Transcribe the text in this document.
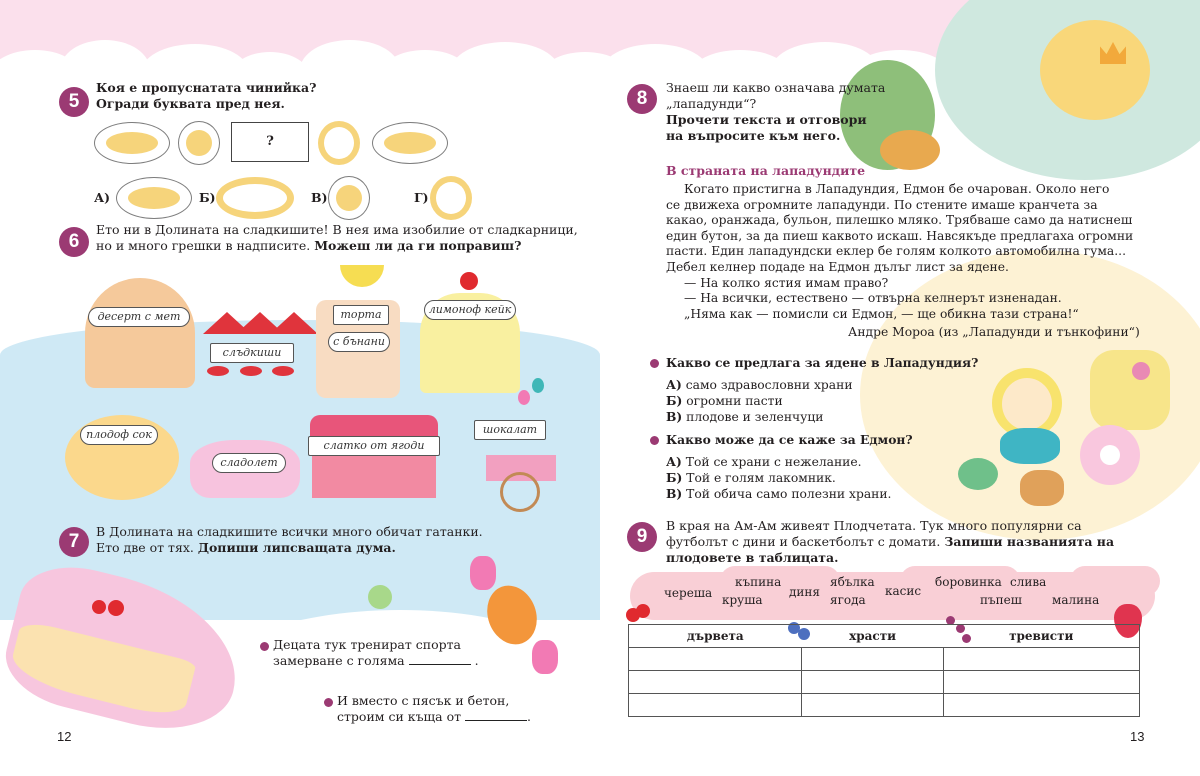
5
Коя е пропуснатата чинийка?
Огради буквата пред нея.
?
А)	Б)	В)	Г)
6
Ето ни в Долината на сладкишите! В нея има изобилие от сладкарници,
но и много грешки в надписите. Можеш ли да ги поправиш?
десерт с мет
слъдкиши
торта
с бънани
лимоноф кейк
плодоф сок
сладолет
слатко от ягоди
шокалат
7	В Долината на сладкишите всички много обичат гатанки.
Ето две от тях. Допиши липсващата дума.
Децата тук тренират спорта
замерване с голяма	.
И вместо с пясък и бетон,
строим си къща от	.
12
8
Знаеш ли какво означава думата
„лападунди“?
Прочети текста и отговори
на въпросите към него.
В страната на лападундите
Когато пристигна в Лападундия, Едмон бе очарован. Около него
се движеха огромните лападунди. По стените имаше кранчета за
какао, оранжада, бульон, пилешко мляко. Трябваше само да натиснеш
един бутон, за да пиеш каквото искаш. Навсякъде предлагаха огромни
пасти. Един лападундски еклер бе голям колкото автомобилна гума...
Дебел келнер подаде на Едмон дълъг лист за ядене.
— На колко ястия имам право?
— На всички, естествено — отвърна келнерът изненадан.
„Няма как — помисли си Едмон, — ще обикна тази страна!“
Андре Мороа (из „Лападунди и тънкофини“)
Какво се предлага за ядене в Лападундия?
А) само здравословни храни
Б) огромни пасти
В) плодове и зеленчуци
Какво може да се каже за Едмон?
А) Той се храни с нежелание.
Б) Той е голям лакомник.
В) Той обича само полезни храни.
9
В края на Ам-Ам живеят Плодчетата. Тук много популярни са
футболът с дини и баскетболът с домати. Запиши названията на
плодовете в таблицата.
череша
къпина
круша
диня
ябълка
ягода
касис
боровинка слива
пъпеш	малина
дървета	храсти	тревисти

13
